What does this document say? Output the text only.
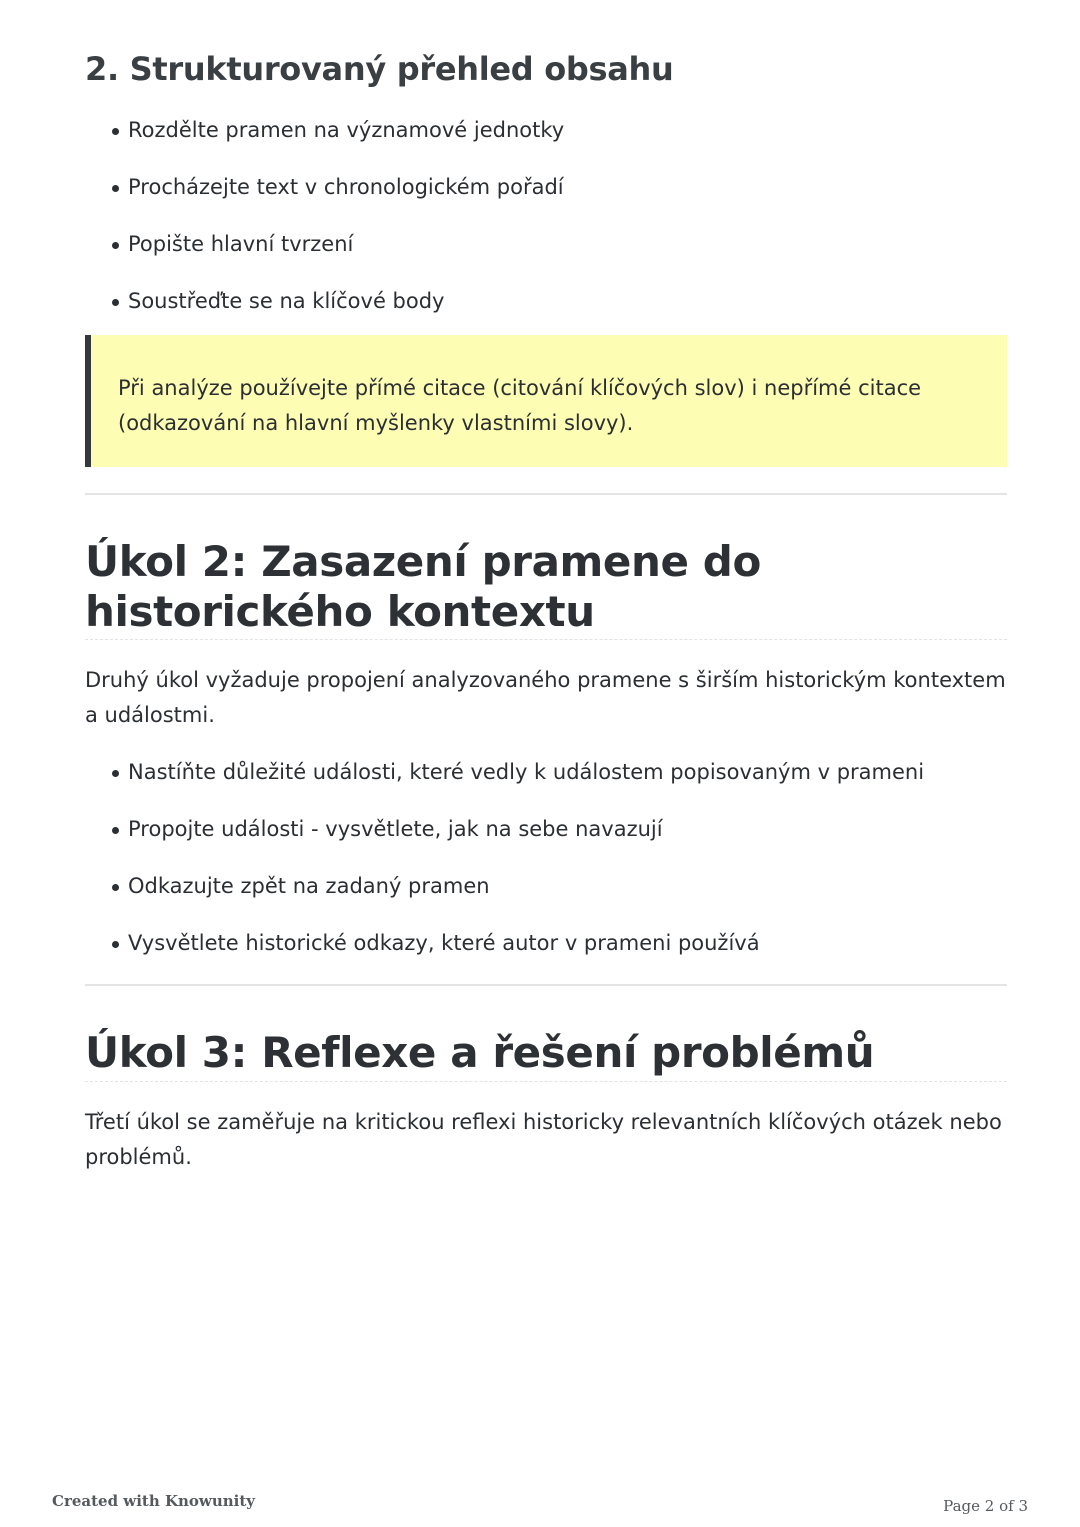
2. Strukturovaný přehled obsahu
Rozdělte pramen na významové jednotky
Procházejte text v chronologickém pořadí
Popište hlavní tvrzení
Soustřeďte se na klíčové body
Při analýze používejte přímé citace (citování klíčových slov) i nepřímé citace (odkazování na hlavní myšlenky vlastními slovy).
Úkol 2: Zasazení pramene do historického kontextu

Druhý úkol vyžaduje propojení analyzovaného pramene s širším historickým kontextem a událostmi.

Nastíňte důležité události, které vedly k událostem popisovaným v prameni
Propojte události - vysvětlete, jak na sebe navazují
Odkazujte zpět na zadaný pramen
Vysvětlete historické odkazy, které autor v prameni používá
Úkol 3: Reflexe a řešení problémů

Třetí úkol se zaměřuje na kritickou reflexi historicky relevantních klíčových otázek nebo problémů.

Created with Knowunity	Page 2 of 3
